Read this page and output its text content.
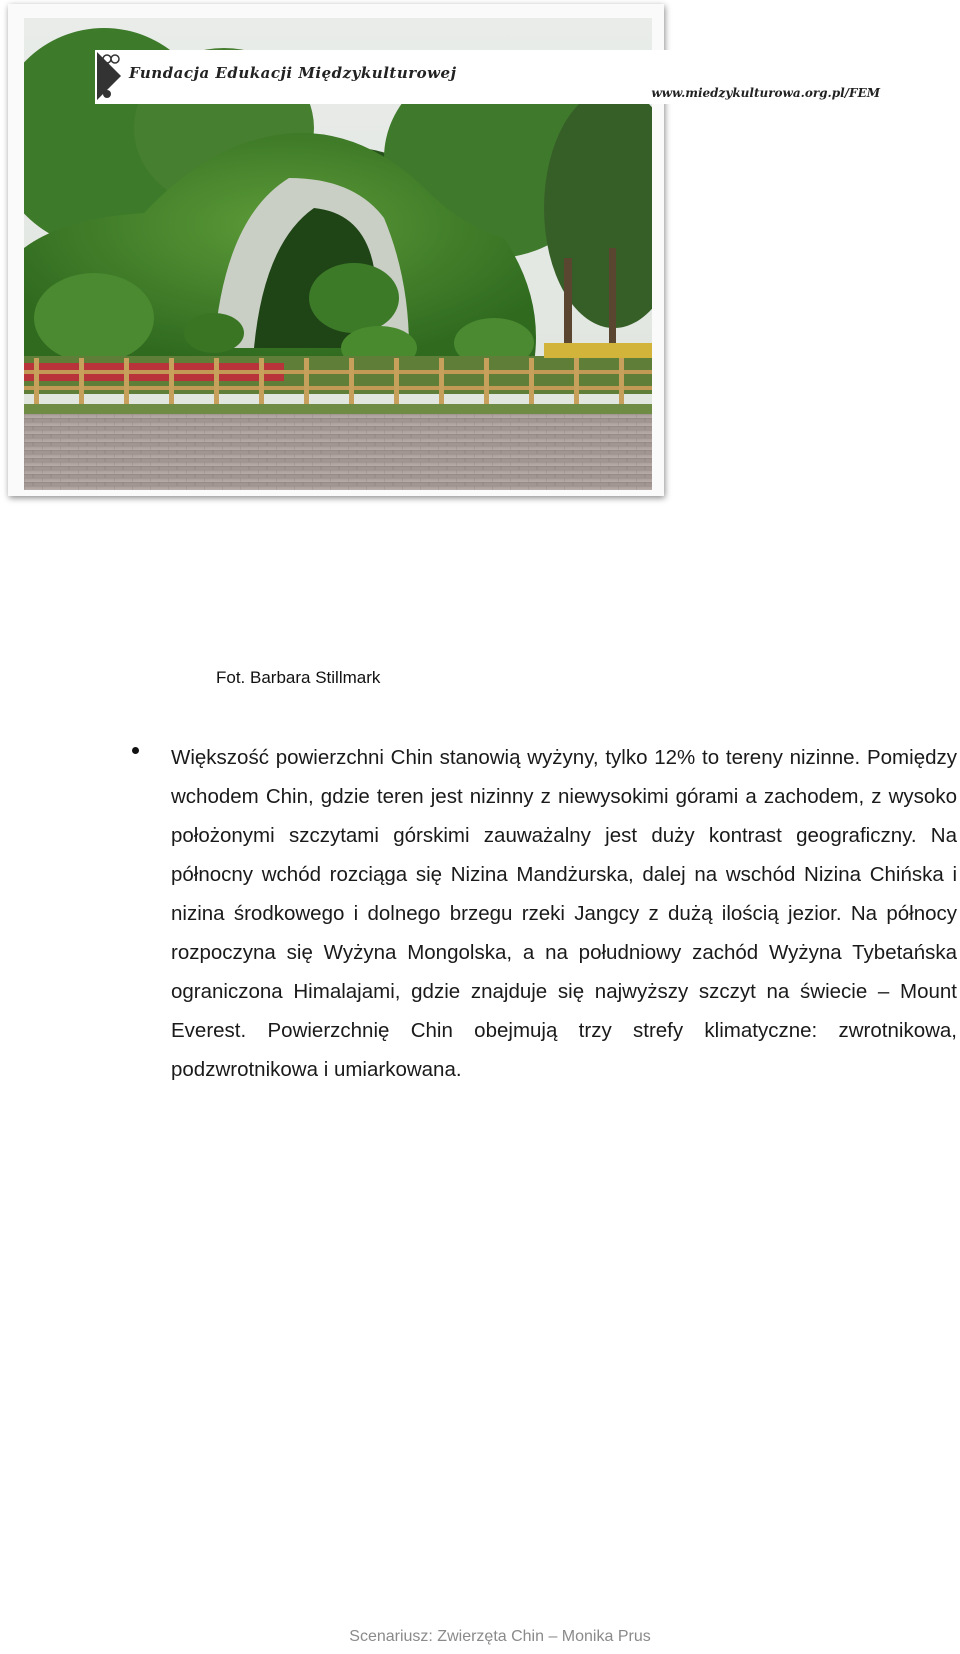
Fundacja Edukacji Międzykulturowej
www.miedzykulturowa.org.pl/FEM
Fot. Barbara Stillmark

Większość powierzchni Chin stanowią wyżyny, tylko 12% to tereny nizinne. Pomiędzy wchodem Chin, gdzie teren jest nizinny z niewysokimi górami a zachodem, z wysoko położonymi szczytami górskimi zauważalny jest duży kontrast geograficzny. Na północny wchód rozciąga się Nizina Mandżurska, dalej na wschód Nizina Chińska i nizina środkowego i dolnego brzegu rzeki Jangcy z dużą ilością jezior. Na północy rozpoczyna się Wyżyna Mongolska, a na południowy zachód Wyżyna Tybetańska ograniczona Himalajami, gdzie znajduje się najwyższy szczyt na świecie – Mount Everest. Powierzchnię Chin obejmują trzy strefy klimatyczne: zwrotnikowa, podzwrotnikowa i umiarkowana.

Scenariusz: Zwierzęta Chin – Monika Prus
